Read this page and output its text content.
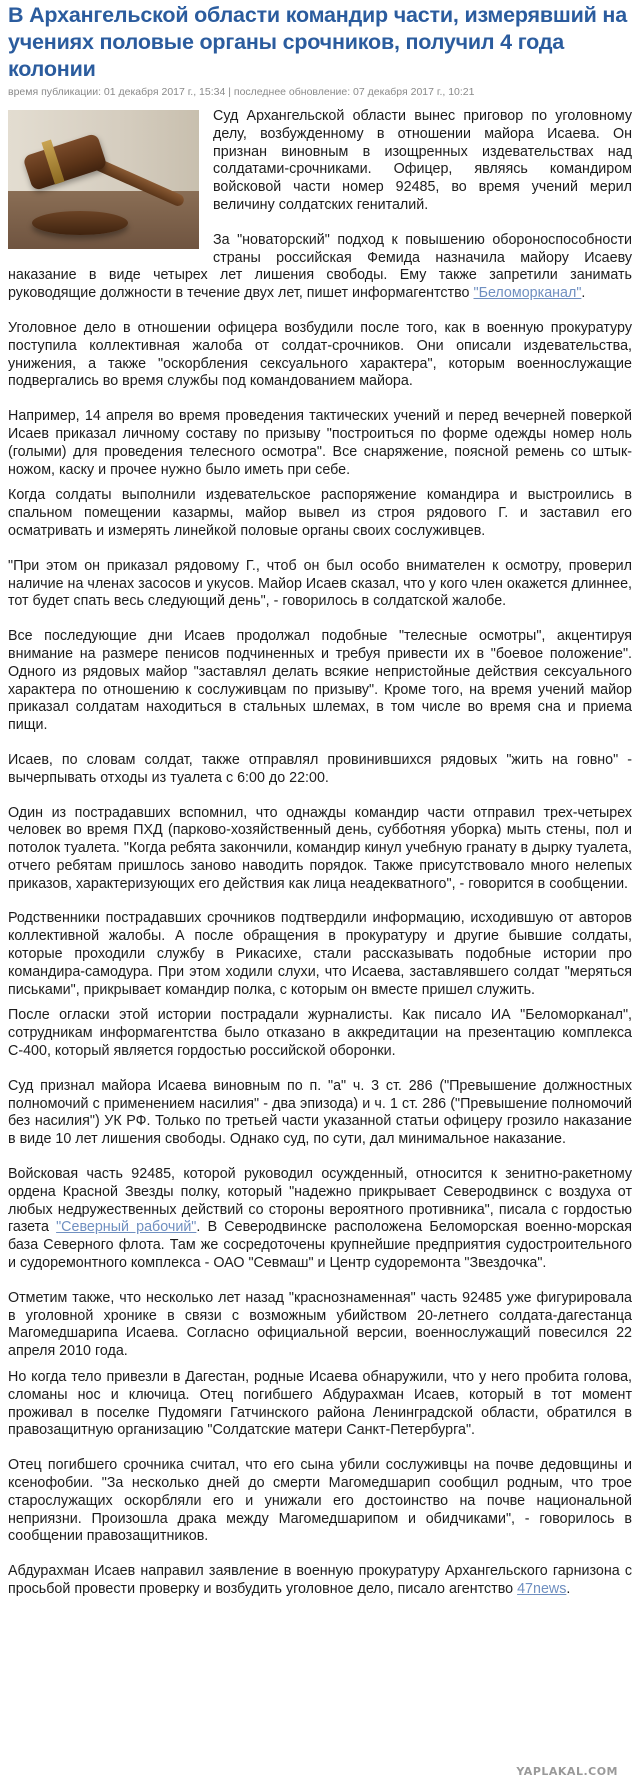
В Архангельской области командир части, измерявший на учениях половые органы срочников, получил 4 года колонии
время публикации: 01 декабря 2017 г., 15:34 | последнее обновление: 07 декабря 2017 г., 10:21

Суд Архангельской области вынес приговор по уголовному делу, возбужденному в отношении майора Исаева. Он признан виновным в изощренных издевательствах над солдатами-срочниками. Офицер, являясь командиром войсковой части номер 92485, во время учений мерил величину солдатских гениталий.

За "новаторский" подход к повышению обороноспособности страны российская Фемида назначила майору Исаеву наказание в виде четырех лет лишения свободы. Ему также запретили занимать руководящие должности в течение двух лет, пишет информагентство "Беломорканал".

Уголовное дело в отношении офицера возбудили после того, как в военную прокуратуру поступила коллективная жалоба от солдат-срочников. Они описали издевательства, унижения, а также "оскорбления сексуального характера", которым военнослужащие подвергались во время службы под командованием майора.

Например, 14 апреля во время проведения тактических учений и перед вечерней поверкой Исаев приказал личному составу по призыву "построиться по форме одежды номер ноль (голыми) для проведения телесного осмотра". Все снаряжение, поясной ремень со штык-ножом, каску и прочее нужно было иметь при себе.

Когда солдаты выполнили издевательское распоряжение командира и выстроились в спальном помещении казармы, майор вывел из строя рядового Г. и заставил его осматривать и измерять линейкой половые органы своих сослуживцев.

"При этом он приказал рядовому Г., чтоб он был особо внимателен к осмотру, проверил наличие на членах засосов и укусов. Майор Исаев сказал, что у кого член окажется длиннее, тот будет спать весь следующий день", - говорилось в солдатской жалобе.

Все последующие дни Исаев продолжал подобные "телесные осмотры", акцентируя внимание на размере пенисов подчиненных и требуя привести их в "боевое положение". Одного из рядовых майор "заставлял делать всякие непристойные действия сексуального характера по отношению к сослуживцам по призыву". Кроме того, на время учений майор приказал солдатам находиться в стальных шлемах, в том числе во время сна и приема пищи.

Исаев, по словам солдат, также отправлял провинившихся рядовых "жить на говно" - вычерпывать отходы из туалета с 6:00 до 22:00.

Один из пострадавших вспомнил, что однажды командир части отправил трех-четырех человек во время ПХД (парково-хозяйственный день, субботняя уборка) мыть стены, пол и потолок туалета. "Когда ребята закончили, командир кинул учебную гранату в дырку туалета, отчего ребятам пришлось заново наводить порядок. Также присутствовало много нелепых приказов, характеризующих его действия как лица неадекватного", - говорится в сообщении.

Родственники пострадавших срочников подтвердили информацию, исходившую от авторов коллективной жалобы. А после обращения в прокуратуру и другие бывшие солдаты, которые проходили службу в Рикасихе, стали рассказывать подобные истории про командира-самодура. При этом ходили слухи, что Исаева, заставлявшего солдат "меряться письками", прикрывает командир полка, с которым он вместе пришел служить.

После огласки этой истории пострадали журналисты. Как писало ИА "Беломорканал", сотрудникам информагентства было отказано в аккредитации на презентацию комплекса С-400, который является гордостью российской оборонки.

Суд признал майора Исаева виновным по п. "а" ч. 3 ст. 286 ("Превышение должностных полномочий с применением насилия" - два эпизода) и ч. 1 ст. 286 ("Превышение полномочий без насилия") УК РФ. Только по третьей части указанной статьи офицеру грозило наказание в виде 10 лет лишения свободы. Однако суд, по сути, дал минимальное наказание.

Войсковая часть 92485, которой руководил осужденный, относится к зенитно-ракетному ордена Красной Звезды полку, который "надежно прикрывает Северодвинск с воздуха от любых недружественных действий со стороны вероятного противника", писала с гордостью газета "Северный рабочий". В Северодвинске расположена Беломорская военно-морская база Северного флота. Там же сосредоточены крупнейшие предприятия судостроительного и судоремонтного комплекса - ОАО "Севмаш" и Центр судоремонта "Звездочка".

Отметим также, что несколько лет назад "краснознаменная" часть 92485 уже фигурировала в уголовной хронике в связи с возможным убийством 20-летнего солдата-дагестанца Магомедшарипа Исаева. Согласно официальной версии, военнослужащий повесился 22 апреля 2010 года.

Но когда тело привезли в Дагестан, родные Исаева обнаружили, что у него пробита голова, сломаны нос и ключица. Отец погибшего Абдурахман Исаев, который в тот момент проживал в поселке Пудомяги Гатчинского района Ленинградской области, обратился в правозащитную организацию "Солдатские матери Санкт-Петербурга".

Отец погибшего срочника считал, что его сына убили сослуживцы на почве дедовщины и ксенофобии. "За несколько дней до смерти Магомедшарип сообщил родным, что трое старослужащих оскорбляли его и унижали его достоинство на почве национальной неприязни. Произошла драка между Магомедшарипом и обидчиками", - говорилось в сообщении правозащитников.

Абдурахман Исаев направил заявление в военную прокуратуру Архангельского гарнизона с просьбой провести проверку и возбудить уголовное дело, писало агентство 47news.

YAPLAKAL.COM
